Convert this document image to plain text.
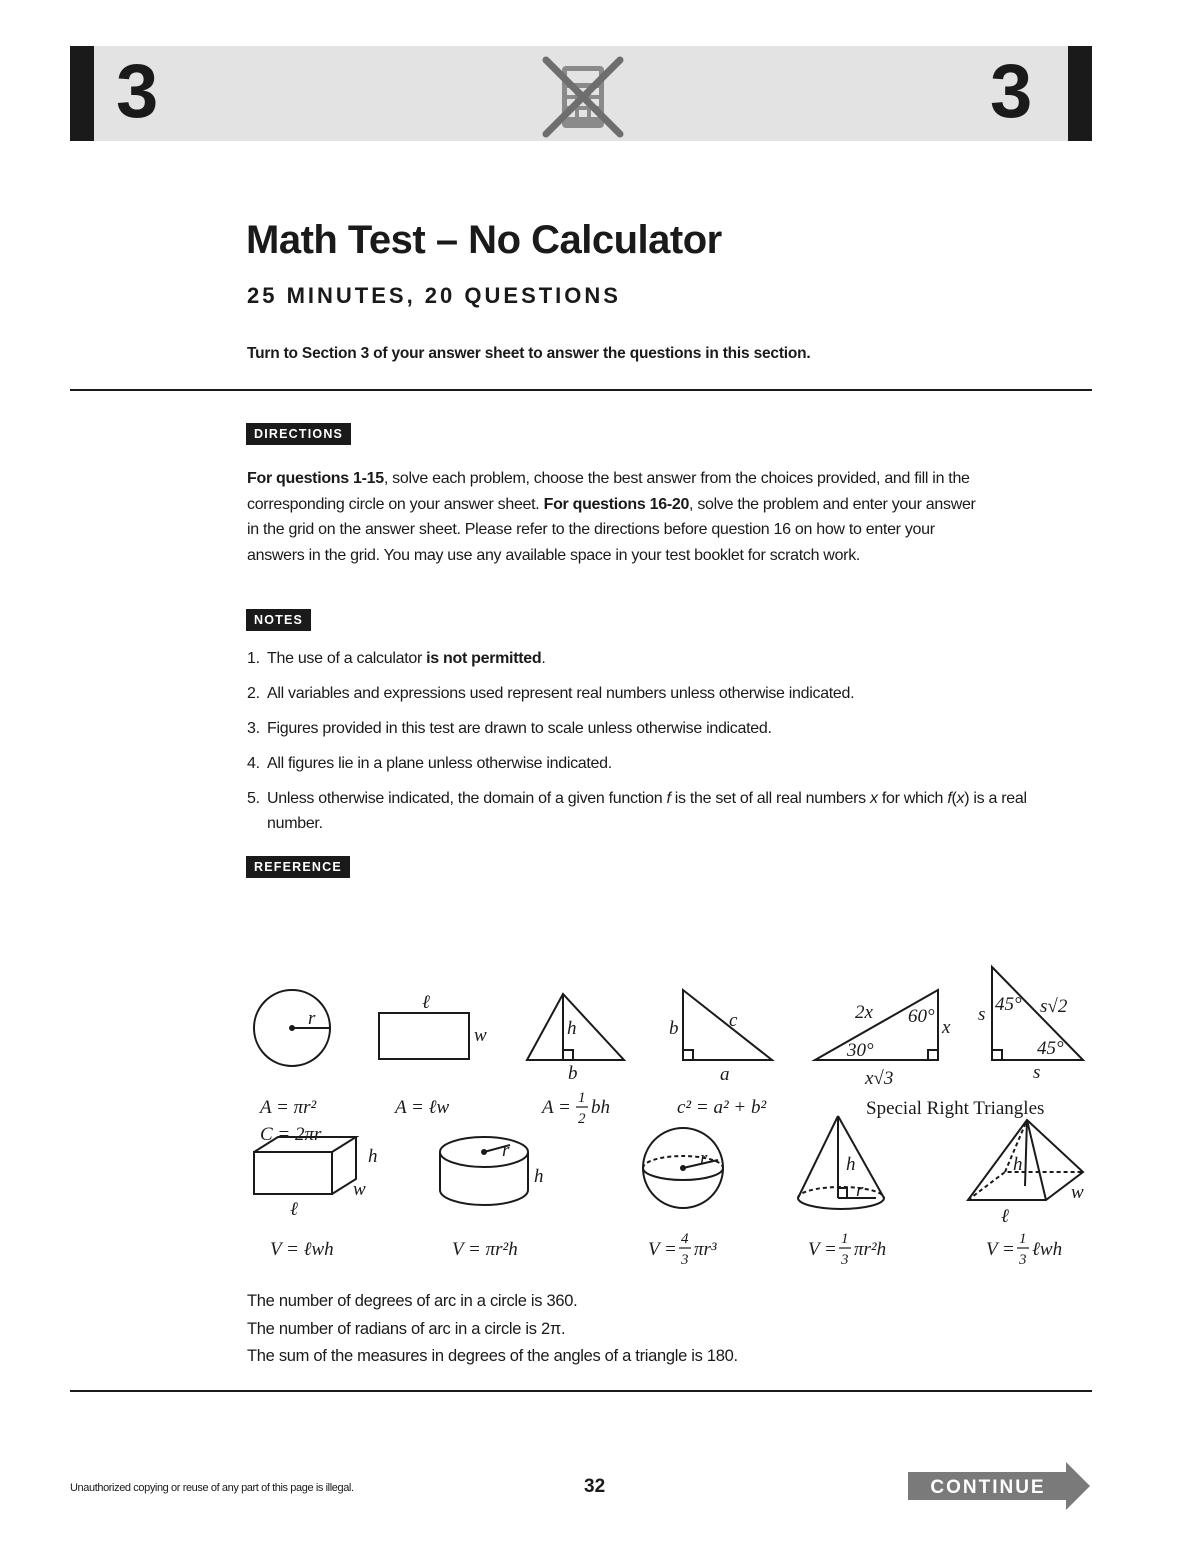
3	3
Math Test – No Calculator
25 MINUTES, 20 QUESTIONS
Turn to Section 3 of your answer sheet to answer the questions in this section.
DIRECTIONS
For questions 1-15, solve each problem, choose the best answer from the choices provided, and fill in the corresponding circle on your answer sheet. For questions 16-20, solve the problem and enter your answer in the grid on the answer sheet. Please refer to the directions before question 16 on how to enter your answers in the grid. You may use any available space in your test booklet for scratch work.
NOTES
1. The use of a calculator is not permitted.
2. All variables and expressions used represent real numbers unless otherwise indicated.
3. Figures provided in this test are drawn to scale unless otherwise indicated.
4. All figures lie in a plane unless otherwise indicated.
5. Unless otherwise indicated, the domain of a given function f is the set of all real numbers x for which f(x) is a real number.
REFERENCE
r
ℓ
w	h
b
b	c
a
2x 60°
x
30°
x√3
s 45° s√2
45°
s
A = πr²
C = 2πr
A = ℓw	A = 1
2
bh	c² = a² + b²	Special Right Triangles
h
w
ℓ
r
h
r	h
r
h
w
ℓ
V = ℓwh	V = πr²h	V = 4
3 πr³	V = 1
3 πr²h	V = 1
3 ℓwh
The number of degrees of arc in a circle is 360.
The number of radians of arc in a circle is 2π.
The sum of the measures in degrees of the angles of a triangle is 180.
Unauthorized copying or reuse of any part of this page is illegal.	32	CONTINUE
